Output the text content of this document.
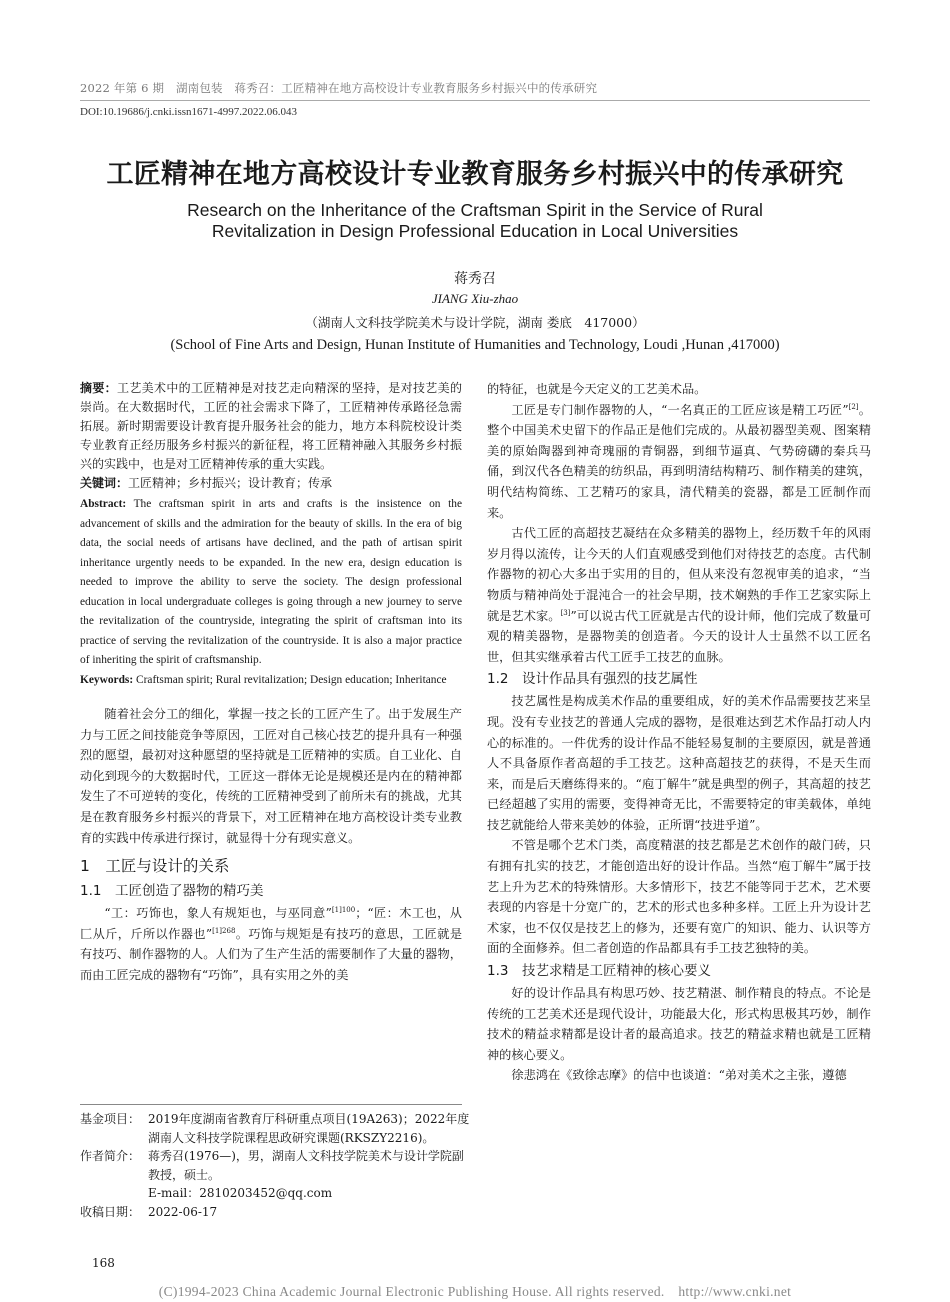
2022 年第 6 期　湖南包装　蒋秀召：工匠精神在地方高校设计专业教育服务乡村振兴中的传承研究
DOI:10.19686/j.cnki.issn1671-4997.2022.06.043
工匠精神在地方高校设计专业教育服务乡村振兴中的传承研究
Research on the Inheritance of the Craftsman Spirit in the Service of Rural
Revitalization in Design Professional Education in Local Universities
蒋秀召
JIANG Xiu-zhao
（湖南人文科技学院美术与设计学院，湖南 娄底　417000）
(School of Fine Arts and Design, Hunan Institute of Humanities and Technology, Loudi ,Hunan ,417000)

摘要：工艺美术中的工匠精神是对技艺走向精深的坚持，是对技艺美的崇尚。在大数据时代，工匠的社会需求下降了，工匠精神传承路径急需拓展。新时期需要设计教育提升服务社会的能力，地方本科院校设计类专业教育正经历服务乡村振兴的新征程，将工匠精神融入其服务乡村振兴的实践中，也是对工匠精神传承的重大实践。

关键词：工匠精神；乡村振兴；设计教育；传承

Abstract: The craftsman spirit in arts and crafts is the insistence on the advancement of skills and the admiration for the beauty of skills. In the era of big data, the social needs of artisans have declined, and the path of artisan spirit inheritance urgently needs to be expanded. In the new era, design education is needed to improve the ability to serve the society. The design professional education in local undergraduate colleges is going through a new journey to serve the revitalization of the countryside, integrating the spirit of craftsman into its practice of serving the revitalization of the countryside. It is also a major practice of inheriting the spirit of craftsmanship.

Keywords: Craftsman spirit; Rural revitalization; Design education; Inheritance

随着社会分工的细化，掌握一技之长的工匠产生了。出于发展生产力与工匠之间技能竞争等原因，工匠对自己核心技艺的提升具有一种强烈的愿望，最初对这种愿望的坚持就是工匠精神的实质。自工业化、自动化到现今的大数据时代，工匠这一群体无论是规模还是内在的精神都发生了不可逆转的变化，传统的工匠精神受到了前所未有的挑战，尤其是在教育服务乡村振兴的背景下，对工匠精神在地方高校设计类专业教育的实践中传承进行探讨，就显得十分有现实意义。

1　工匠与设计的关系
1.1　工匠创造了器物的精巧美

“工：巧饰也，象人有规矩也，与巫同意”$^{[1]100}$；“匠：木工也，从匚从斤，斤所以作器也”$^{[1]268}$。巧饰与规矩是有技巧的意思，工匠就是有技巧、制作器物的人。人们为了生产生活的需要制作了大量的器物，而由工匠完成的器物有“巧饰”，具有实用之外的美

基金项目： 2019年度湖南省教育厅科研重点项目(19A263)；2022年度湖南人文科技学院课程思政研究课题(RKSZY2216)。
作者简介： 蒋秀召(1976—)，男，湖南人文科技学院美术与设计学院副教授，硕士。
E-mail：2810203452@qq.com
收稿日期： 2022-06-17

的特征，也就是今天定义的工艺美术品。

工匠是专门制作器物的人，“一名真正的工匠应该是精工巧匠”[2]。整个中国美术史留下的作品正是他们完成的。从最初器型美观、图案精美的原始陶器到神奇瑰丽的青铜器，到细节逼真、气势磅礴的秦兵马俑，到汉代各色精美的纺织品，再到明清结构精巧、制作精美的建筑，明代结构简练、工艺精巧的家具，清代精美的瓷器，都是工匠制作而来。

古代工匠的高超技艺凝结在众多精美的器物上，经历数千年的风雨岁月得以流传，让今天的人们直观感受到他们对待技艺的态度。古代制作器物的初心大多出于实用的目的，但从来没有忽视审美的追求，“当物质与精神尚处于混沌合一的社会早期，技术娴熟的手作工艺家实际上就是艺术家。[3]”可以说古代工匠就是古代的设计师，他们完成了数量可观的精美器物，是器物美的创造者。今天的设计人士虽然不以工匠名世，但其实继承着古代工匠手工技艺的血脉。

1.2　设计作品具有强烈的技艺属性

技艺属性是构成美术作品的重要组成，好的美术作品需要技艺来呈现。没有专业技艺的普通人完成的器物，是很难达到艺术作品打动人内心的标准的。一件优秀的设计作品不能轻易复制的主要原因，就是普通人不具备原作者高超的手工技艺。这种高超技艺的获得，不是天生而来，而是后天磨练得来的。“庖丁解牛”就是典型的例子，其高超的技艺已经超越了实用的需要，变得神奇无比，不需要特定的审美载体，单纯技艺就能给人带来美妙的体验，正所谓“技进乎道”。

不管是哪个艺术门类，高度精湛的技艺都是艺术创作的敲门砖，只有拥有扎实的技艺，才能创造出好的设计作品。当然“庖丁解牛”属于技艺上升为艺术的特殊情形。大多情形下，技艺不能等同于艺术，艺术要表现的内容是十分宽广的，艺术的形式也多种多样。工匠上升为设计艺术家，也不仅仅是技艺上的修为，还要有宽广的知识、能力、认识等方面的全面修养。但二者创造的作品都具有手工技艺独特的美。

1.3　技艺求精是工匠精神的核心要义

好的设计作品具有构思巧妙、技艺精湛、制作精良的特点。不论是传统的工艺美术还是现代设计，功能最大化，形式构思极其巧妙，制作技术的精益求精都是设计者的最高追求。技艺的精益求精也就是工匠精神的核心要义。

徐悲鸿在《致徐志摩》的信中也谈道：“弟对美术之主张，遵德

168
(C)1994-2023 China Academic Journal Electronic Publishing House. All rights reserved.　http://www.cnki.net
